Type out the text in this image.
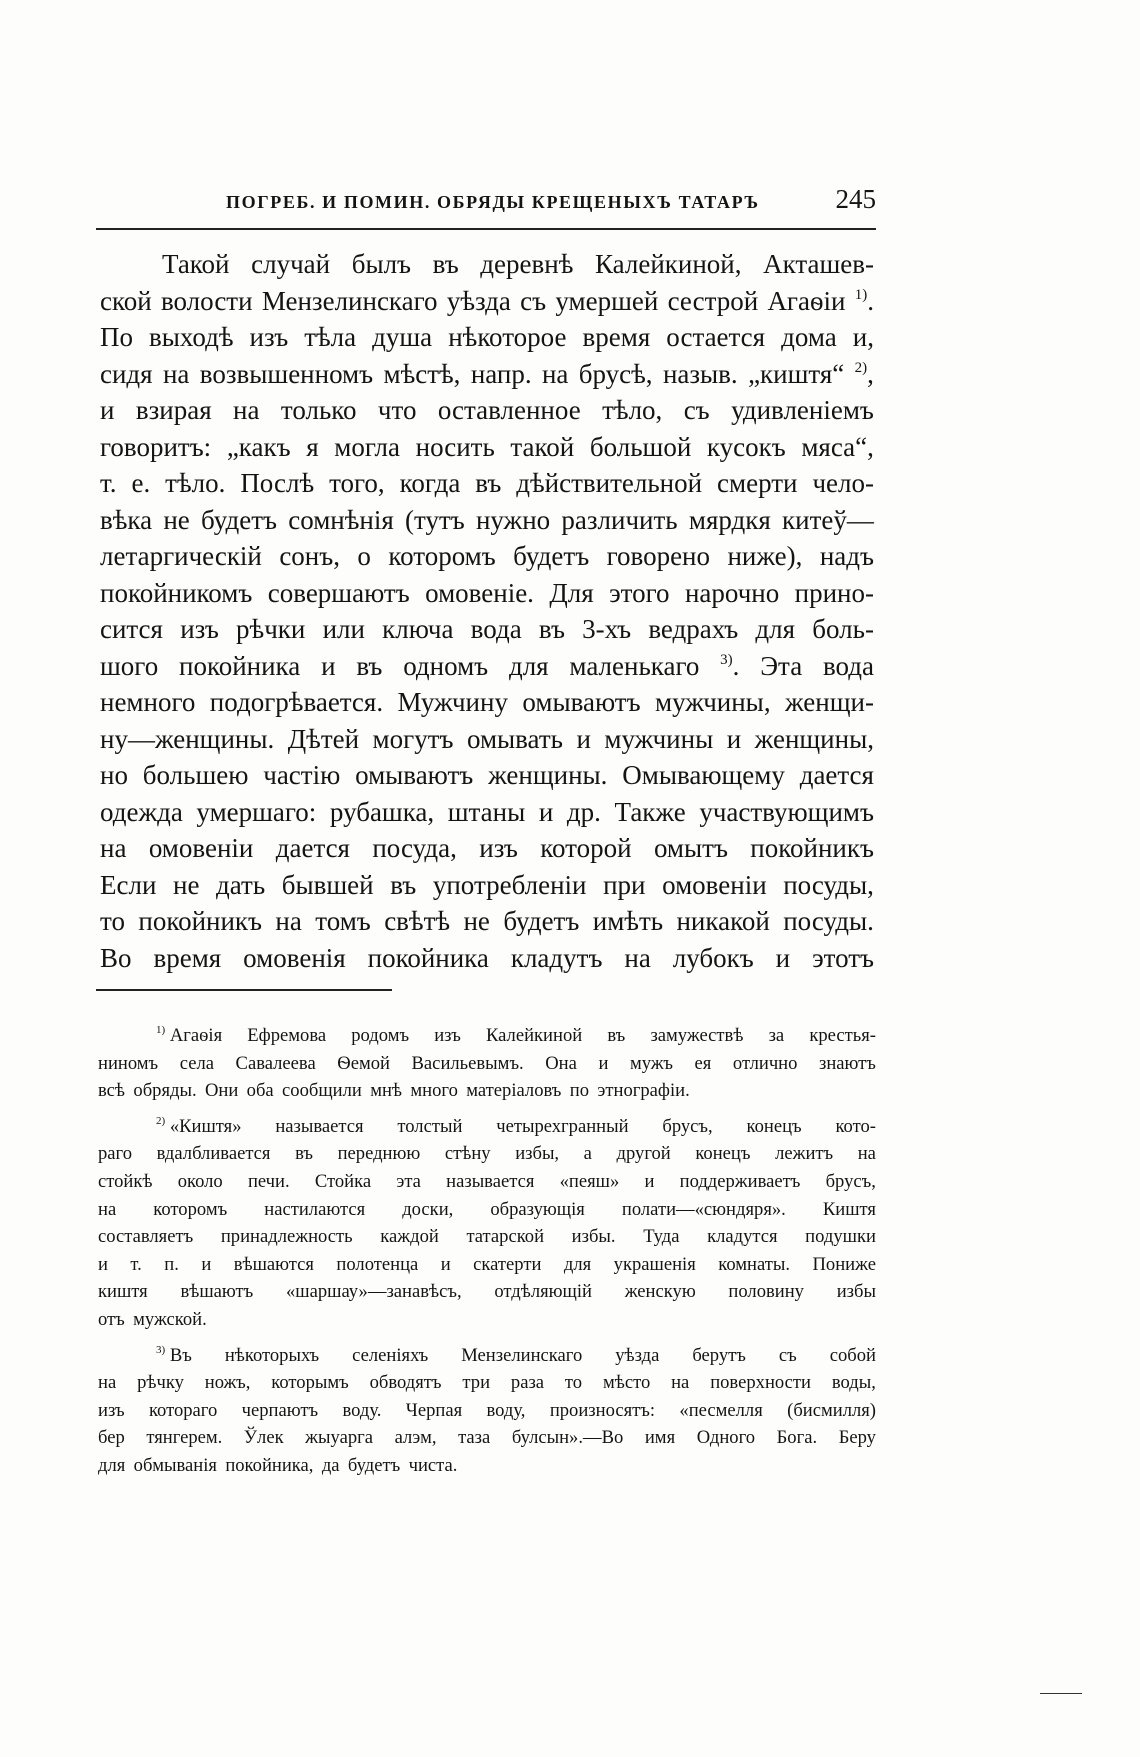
ПОГРЕБ. И ПОМИН. ОБРЯДЫ КРЕЩЕНЫХЪ ТАТАРЪ	245
Такой случай былъ въ деревнѣ Калейкиной, Акташев-
ской волости Мензелинскаго уѣзда съ умершей сестрой Агаѳіи $^{1)}$.
По выходѣ изъ тѣла душа нѣкоторое время остается дома и,
сидя на возвышенномъ мѣстѣ, напр. на брусѣ, назыв. „киштя“ $^{2)}$,
и взирая на только что оставленное тѣло, съ удивленіемъ
говоритъ: „какъ я могла носить такой большой кусокъ мяса“,
т. е. тѣло. Послѣ того, когда въ дѣйствительной смерти чело-
вѣка не будетъ сомнѣнія (тутъ нужно различить мярдкя китеў—
летаргическій сонъ, о которомъ будетъ говорено ниже), надъ
покойникомъ совершаютъ омовеніе. Для этого нарочно прино-
сится изъ рѣчки или ключа вода въ 3-хъ ведрахъ для боль-
шого покойника и въ одномъ для маленькаго $^{3)}$. Эта вода
немного подогрѣвается. Мужчину омываютъ мужчины, женщи-
ну—женщины. Дѣтей могутъ омывать и мужчины и женщины,
но большею частію омываютъ женщины. Омывающему дается
одежда умершаго: рубашка, штаны и др. Также участвующимъ
на омовеніи дается посуда, изъ которой омытъ покойникъ
Если не дать бывшей въ употребленіи при омовеніи посуды,
то покойникъ на томъ свѣтѣ не будетъ имѣть никакой посуды.
Во время омовенія покойника кладутъ на лубокъ и этотъ
$^{1)}$ Агаѳія Ефремова родомъ изъ Калейкиной въ замужествѣ за крестья-
ниномъ села Савалеева Ѳемой Васильевымъ. Она и мужъ ея отлично знаютъ
всѣ обряды. Они оба сообщили мнѣ много матеріаловъ по этнографіи.
$^{2)}$ «Киштя» называется толстый четырехгранный брусъ, конецъ кото-
раго вдалбливается въ переднюю стѣну избы, а другой конецъ лежитъ на
стойкѣ около печи. Стойка эта называется «пеяш» и поддерживаетъ брусъ,
на которомъ настилаются доски, образующія полати—«сюндяря». Киштя
составляетъ принадлежность каждой татарской избы. Туда кладутся подушки
и т. п. и вѣшаются полотенца и скатерти для украшенія комнаты. Пониже
киштя вѣшаютъ «шаршау»—занавѣсъ, отдѣляющій женскую половину избы
отъ мужской.
$^{3)}$ Въ нѣкоторыхъ селеніяхъ Мензелинскаго уѣзда берутъ съ собой
на рѣчку ножъ, которымъ обводятъ три раза то мѣсто на поверхности воды,
изъ котораго черпаютъ воду. Черпая воду, произносятъ: «песмелля (бисмилля)
бер тянгерем. Ўлек жыуарга алэм, таза булсын».—Во имя Одного Бога. Беру
для обмыванія покойника, да будетъ чиста.
